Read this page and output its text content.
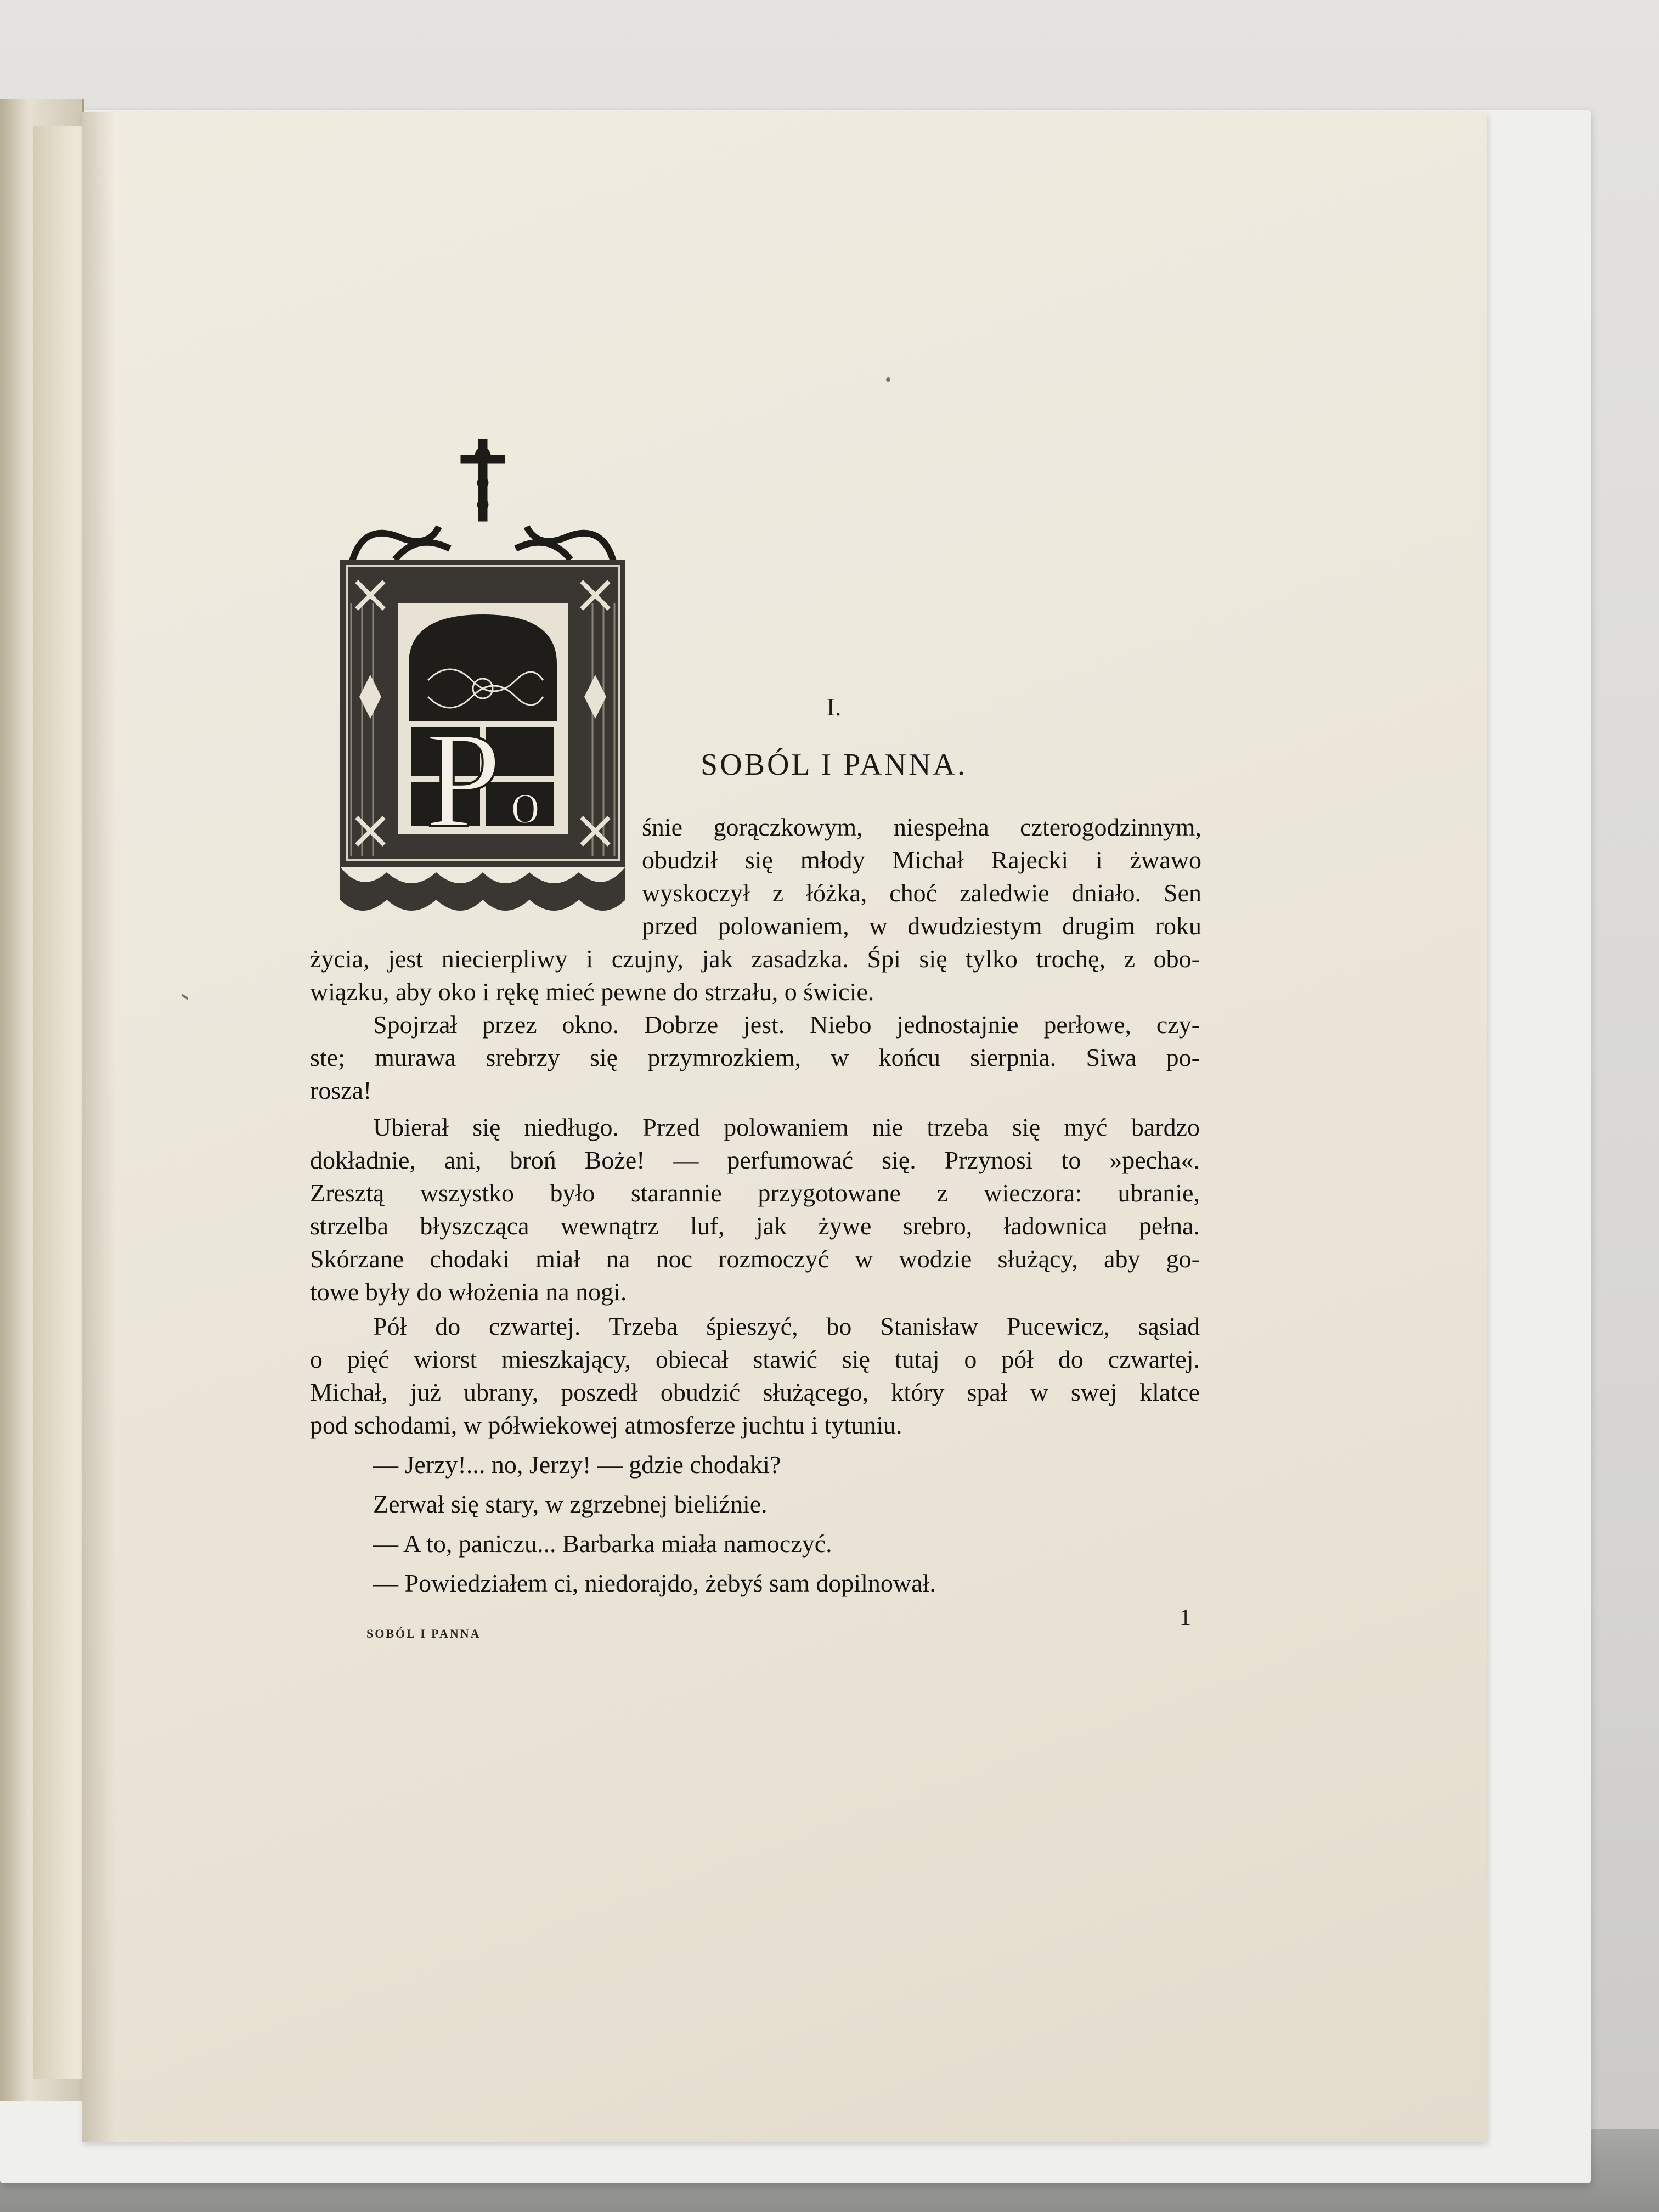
P o
I.
SOBÓL I PANNA.
śnie gorączkowym, niespełna czterogodzinnym,
obudził się młody Michał Rajecki i żwawo
wyskoczył z łóżka, choć zaledwie dniało. Sen
przed polowaniem, w dwudziestym drugim roku
życia, jest niecierpliwy i czujny, jak zasadzka. Śpi się tylko trochę, z obo-
wiązku, aby oko i rękę mieć pewne do strzału, o świcie.
Spojrzał przez okno. Dobrze jest. Niebo jednostajnie perłowe, czy-
ste; murawa srebrzy się przymrozkiem, w końcu sierpnia. Siwa po-
rosza!
Ubierał się niedługo. Przed polowaniem nie trzeba się myć bardzo
dokładnie, ani, broń Boże! — perfumować się. Przynosi to »pecha«.
Zresztą wszystko było starannie przygotowane z wieczora: ubranie,
strzelba błyszcząca wewnątrz luf, jak żywe srebro, ładownica pełna.
Skórzane chodaki miał na noc rozmoczyć w wodzie służący, aby go-
towe były do włożenia na nogi.
Pół do czwartej. Trzeba śpieszyć, bo Stanisław Pucewicz, sąsiad
o pięć wiorst mieszkający, obiecał stawić się tutaj o pół do czwartej.
Michał, już ubrany, poszedł obudzić służącego, który spał w swej klatce
pod schodami, w półwiekowej atmosferze juchtu i tytuniu.
— Jerzy!... no, Jerzy! — gdzie chodaki?
Zerwał się stary, w zgrzebnej bieliźnie.
— A to, paniczu... Barbarka miała namoczyć.
— Powiedziałem ci, niedorajdo, żebyś sam dopilnował.
SOBÓL I PANNA
1
